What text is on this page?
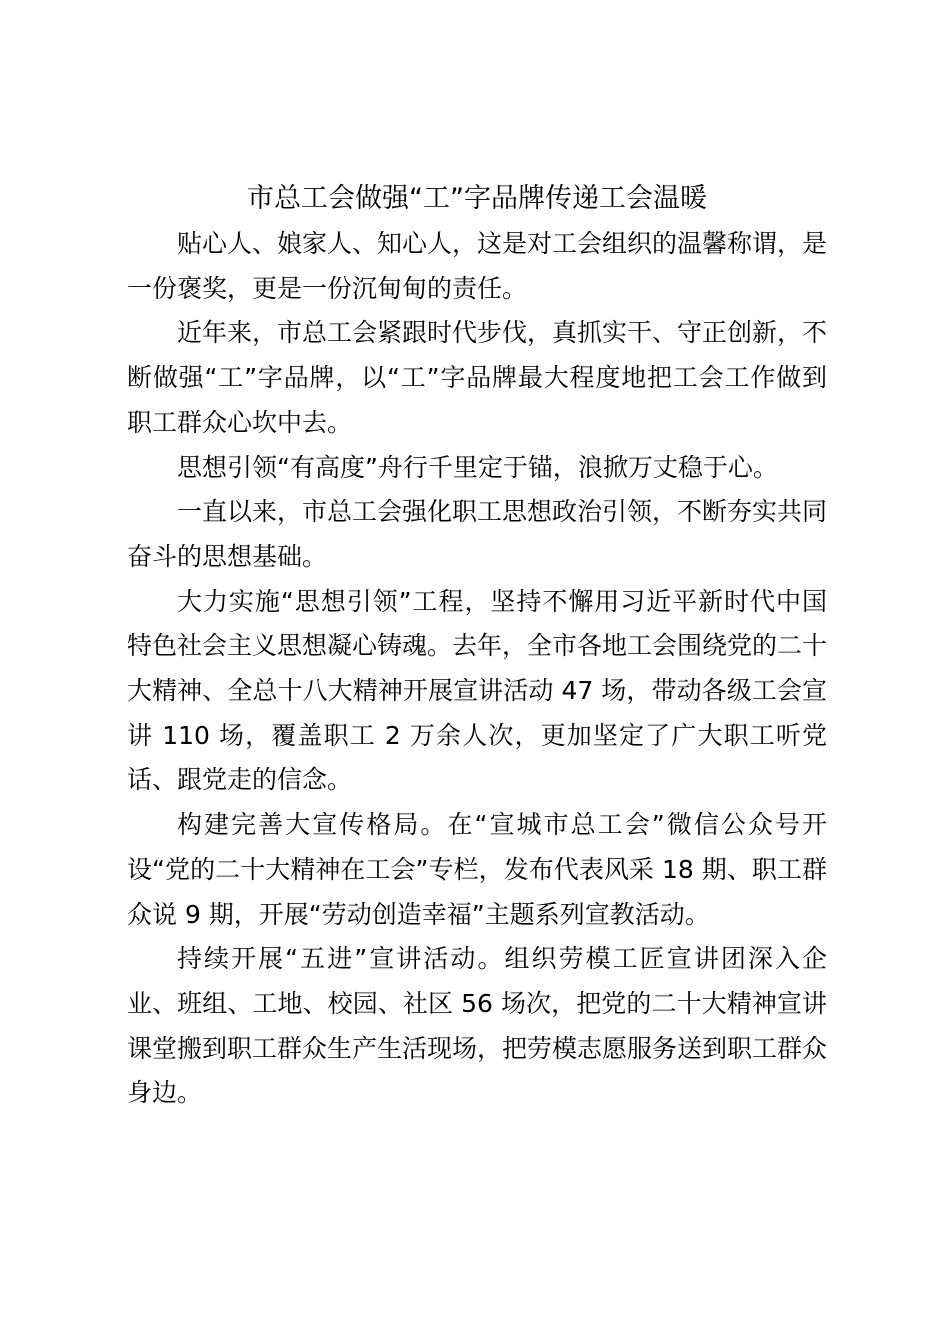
市总工会做强“工”字品牌传递工会温暖

贴心人、娘家人、知心人，这是对工会组织的温馨称谓，是一份褒奖，更是一份沉甸甸的责任。

近年来，市总工会紧跟时代步伐，真抓实干、守正创新，不断做强“工”字品牌，以“工”字品牌最大程度地把工会工作做到职工群众心坎中去。

思想引领“有高度”舟行千里定于锚，浪掀万丈稳于心。

一直以来，市总工会强化职工思想政治引领，不断夯实共同奋斗的思想基础。

大力实施“思想引领”工程，坚持不懈用习近平新时代中国特色社会主义思想凝心铸魂。去年，全市各地工会围绕党的二十大精神、全总十八大精神开展宣讲活动 47 场，带动各级工会宣讲 110 场，覆盖职工 2 万余人次，更加坚定了广大职工听党话、跟党走的信念。

构建完善大宣传格局。在“宣城市总工会”微信公众号开设“党的二十大精神在工会”专栏，发布代表风采 18 期、职工群众说 9 期，开展“劳动创造幸福”主题系列宣教活动。

持续开展“五进”宣讲活动。组织劳模工匠宣讲团深入企业、班组、工地、校园、社区 56 场次，把党的二十大精神宣讲课堂搬到职工群众生产生活现场，把劳模志愿服务送到职工群众身边。
